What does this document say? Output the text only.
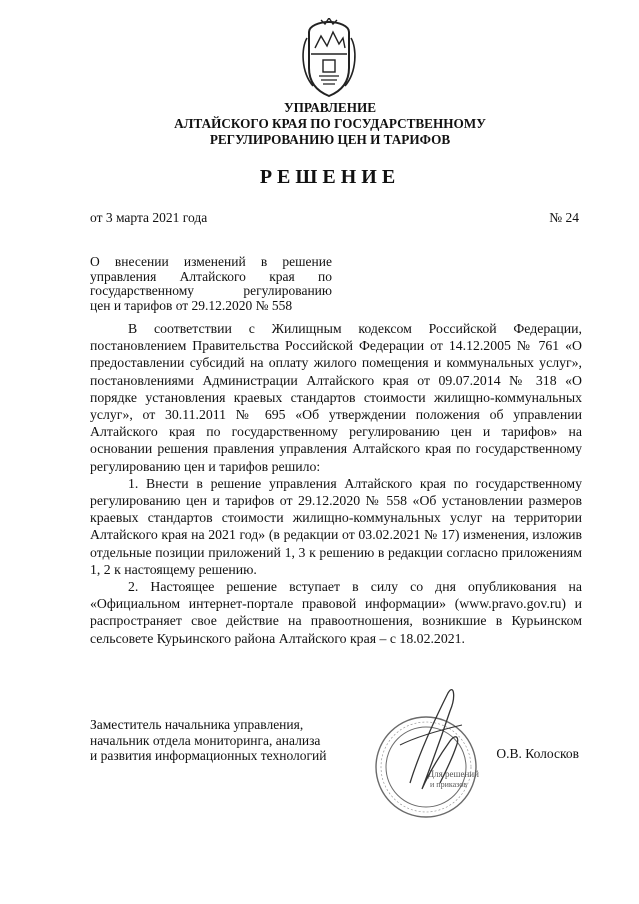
УПРАВЛЕНИЕ
АЛТАЙСКОГО КРАЯ ПО ГОСУДАРСТВЕННОМУ
РЕГУЛИРОВАНИЮ ЦЕН И ТАРИФОВ
РЕШЕНИЕ
от 3 марта 2021 года	№ 24
О внесении изменений в решение
управления Алтайского края по
государственному регулированию
цен и тарифов от 29.12.2020 № 558

В соответствии с Жилищным кодексом Российской Федерации, постановлением Правительства Российской Федерации от 14.12.2005 № 761 «О предоставлении субсидий на оплату жилого помещения и коммунальных услуг», постановлениями Администрации Алтайского края от 09.07.2014 № 318 «О порядке установления краевых стандартов стоимости жилищно-коммунальных услуг», от 30.11.2011 № 695 «Об утверждении положения об управлении Алтайского края по государственному регулированию цен и тарифов» на основании решения правления управления Алтайского края по государственному регулированию цен и тарифов решило:

1. Внести в решение управления Алтайского края по государственному регулированию цен и тарифов от 29.12.2020 № 558 «Об установлении размеров краевых стандартов стоимости жилищно-коммунальных услуг на территории Алтайского края на 2021 год» (в редакции от 03.02.2021 № 17) изменения, изложив отдельные позиции приложений 1, 3 к решению в редакции согласно приложениям 1, 2 к настоящему решению.

2. Настоящее решение вступает в силу со дня опубликования на «Официальном интернет-портале правовой информации» (www.pravo.gov.ru) и распространяет свое действие на правоотношения, возникшие в Курьинском сельсовете Курьинского района Алтайского края – с 18.02.2021.

Заместитель начальника управления,
начальник отдела мониторинга, анализа
и развития информационных технологий
Для решений
и приказов
О.В. Колосков
